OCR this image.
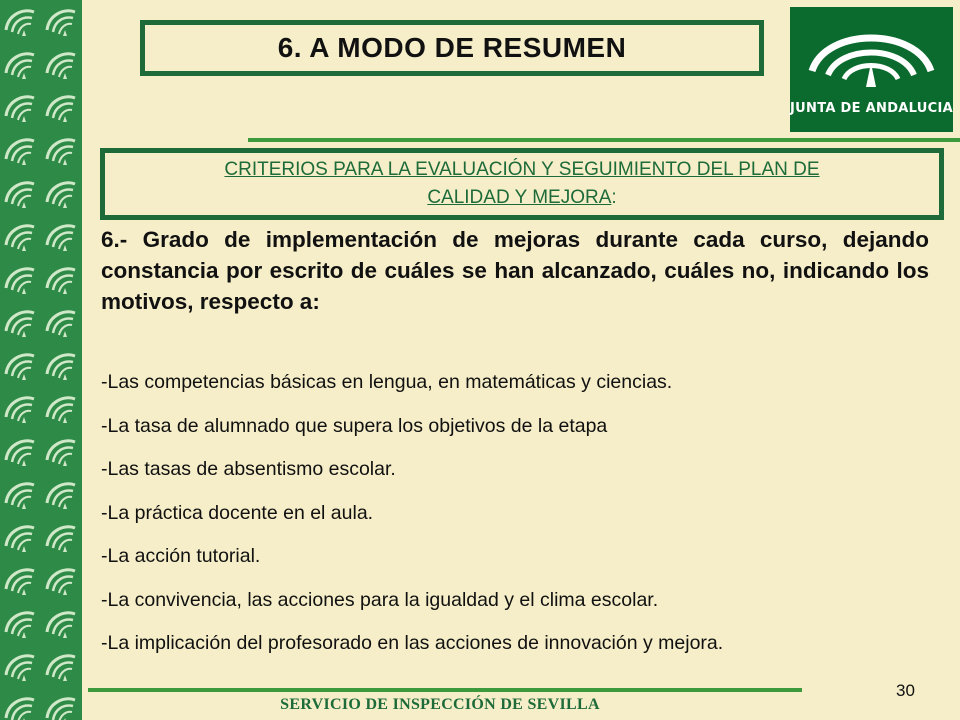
6. A MODO DE RESUMEN
JUNTA DE ANDALUCIA
CRITERIOS PARA LA EVALUACIÓN Y SEGUIMIENTO DEL PLAN DE
CALIDAD Y MEJORA:
6.- Grado de implementación de mejoras durante cada curso, dejando constancia por escrito de cuáles se han alcanzado, cuáles no, indicando los motivos, respecto a:
-Las competencias básicas en lengua, en matemáticas y ciencias.
-La tasa de alumnado que supera los objetivos de la etapa
-Las tasas de absentismo escolar.
-La práctica docente en el aula.
-La acción tutorial.
-La convivencia, las acciones para la igualdad y el clima escolar.
-La implicación del profesorado en las acciones de innovación y mejora.
SERVICIO DE INSPECCIÓN DE SEVILLA
30
